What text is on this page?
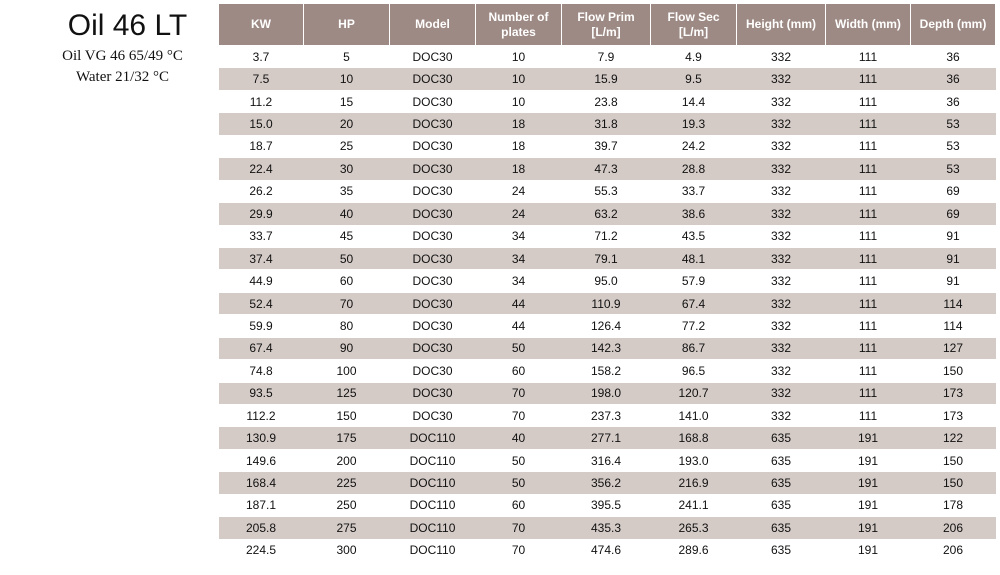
Oil 46 LT
Oil VG 46 65/49 °C
Water 21/32 °C
KW	HP	Model	Number of plates	Flow Prim [L/m]	Flow Sec [L/m]	Height (mm)	Width (mm)	Depth (mm)
3.7	5	DOC30	10	7.9	4.9	332	111	36
7.5	10	DOC30	10	15.9	9.5	332	111	36
11.2	15	DOC30	10	23.8	14.4	332	111	36
15.0	20	DOC30	18	31.8	19.3	332	111	53
18.7	25	DOC30	18	39.7	24.2	332	111	53
22.4	30	DOC30	18	47.3	28.8	332	111	53
26.2	35	DOC30	24	55.3	33.7	332	111	69
29.9	40	DOC30	24	63.2	38.6	332	111	69
33.7	45	DOC30	34	71.2	43.5	332	111	91
37.4	50	DOC30	34	79.1	48.1	332	111	91
44.9	60	DOC30	34	95.0	57.9	332	111	91
52.4	70	DOC30	44	110.9	67.4	332	111	114
59.9	80	DOC30	44	126.4	77.2	332	111	114
67.4	90	DOC30	50	142.3	86.7	332	111	127
74.8	100	DOC30	60	158.2	96.5	332	111	150
93.5	125	DOC30	70	198.0	120.7	332	111	173
112.2	150	DOC30	70	237.3	141.0	332	111	173
130.9	175	DOC110	40	277.1	168.8	635	191	122
149.6	200	DOC110	50	316.4	193.0	635	191	150
168.4	225	DOC110	50	356.2	216.9	635	191	150
187.1	250	DOC110	60	395.5	241.1	635	191	178
205.8	275	DOC110	70	435.3	265.3	635	191	206
224.5	300	DOC110	70	474.6	289.6	635	191	206
